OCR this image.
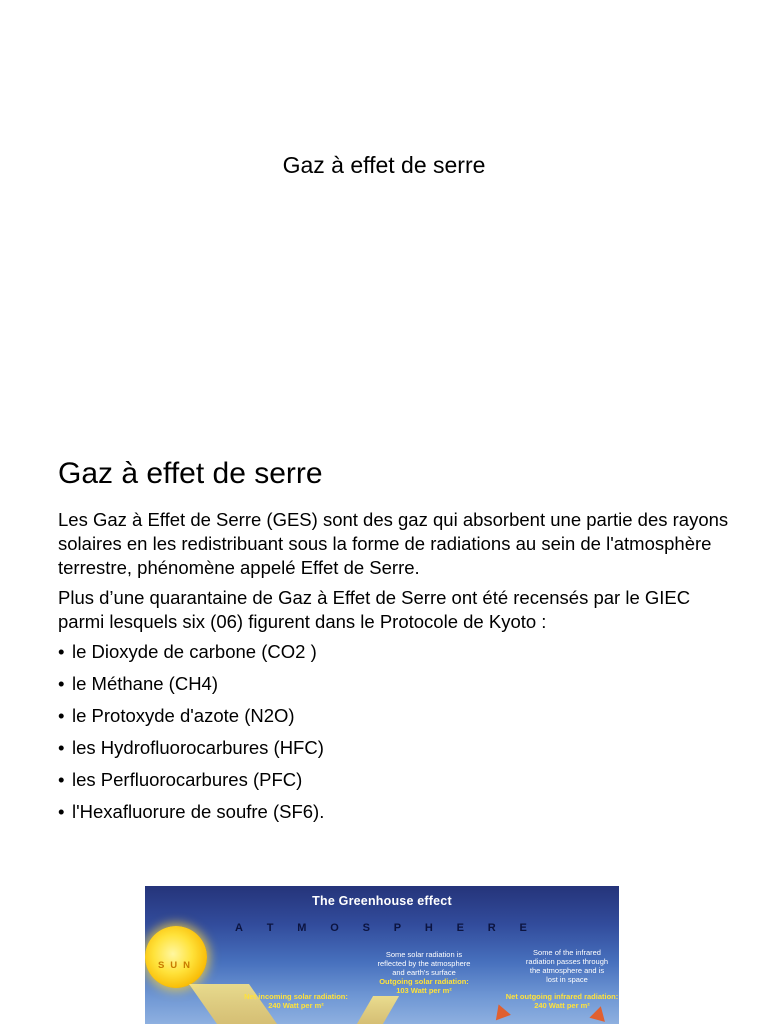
Gaz à effet de serre
Gaz à effet de serre

Les Gaz à Effet de Serre (GES) sont des gaz qui absorbent une partie des rayons solaires en les redistribuant sous la forme de radiations au sein de l'atmosphère terrestre, phénomène appelé Effet de Serre.

Plus d’une quarantaine de Gaz à Effet de Serre ont été recensés par le GIEC parmi lesquels six (06) figurent dans le Protocole de Kyoto :

• le Dioxyde de carbone (CO2 )
• le Méthane (CH4)
• le Protoxyde d'azote (N2O)
• les Hydrofluorocarbures (HFC)
• les Perfluorocarbures (PFC)
• l'Hexafluorure de soufre (SF6).
The Greenhouse effect
A T M O S P H E R E
SUN
Net incoming solar radiation:
240 Watt per m²
Some solar radiation is
reflected by the atmosphere
and earth's surface
Outgoing solar radiation:
103 Watt per m²
Some of the infrared
radiation passes through
the atmosphere and is
lost in space
Net outgoing infrared radiation:
240 Watt per m²
